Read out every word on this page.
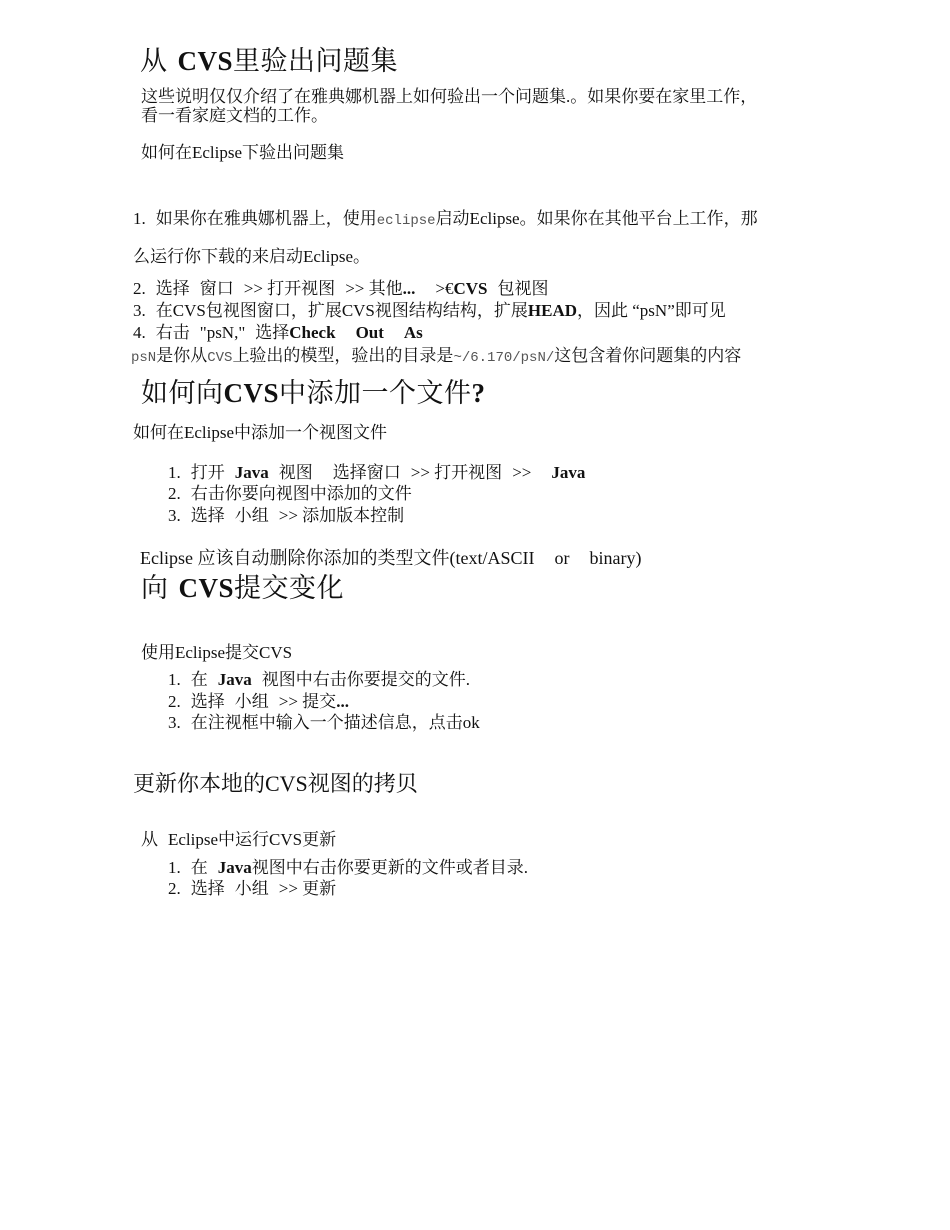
从 CVS里验出问题集
这些说明仅仅介绍了在雅典娜机器上如何验出一个问题集.。如果你要在家里工作，
看一看家庭文档的工作。
如何在Eclipse下验出问题集
1. 如果你在雅典娜机器上，使用eclipse启动Eclipse。如果你在其他平台上工作，那
么运行你下载的来启动Eclipse。
2. 选择 窗口 >> 打开视图 >> 其他... >€CVS 包视图
3. 在CVS包视图窗口，扩展CVS视图结构结构，扩展HEAD，因此 “psN”即可见
4. 右击 "psN," 选择Check Out As
psN是你从CVS上验出的模型，验出的目录是~/6.170/psN/这包含着你问题集的内容
如何向CVS中添加一个文件?
如何在Eclipse中添加一个视图文件
1. 打开 Java 视图 选择窗口 >> 打开视图 >> Java
2. 右击你要向视图中添加的文件
3. 选择 小组 >> 添加版本控制
Eclipse 应该自动删除你添加的类型文件(text/ASCII or binary)
向 CVS提交变化
使用Eclipse提交CVS
1. 在 Java 视图中右击你要提交的文件.
2. 选择 小组 >> 提交...
3. 在注视框中输入一个描述信息，点击ok
更新你本地的CVS视图的拷贝
从 Eclipse中运行CVS更新
1. 在 Java视图中右击你要更新的文件或者目录.
2. 选择 小组 >> 更新
